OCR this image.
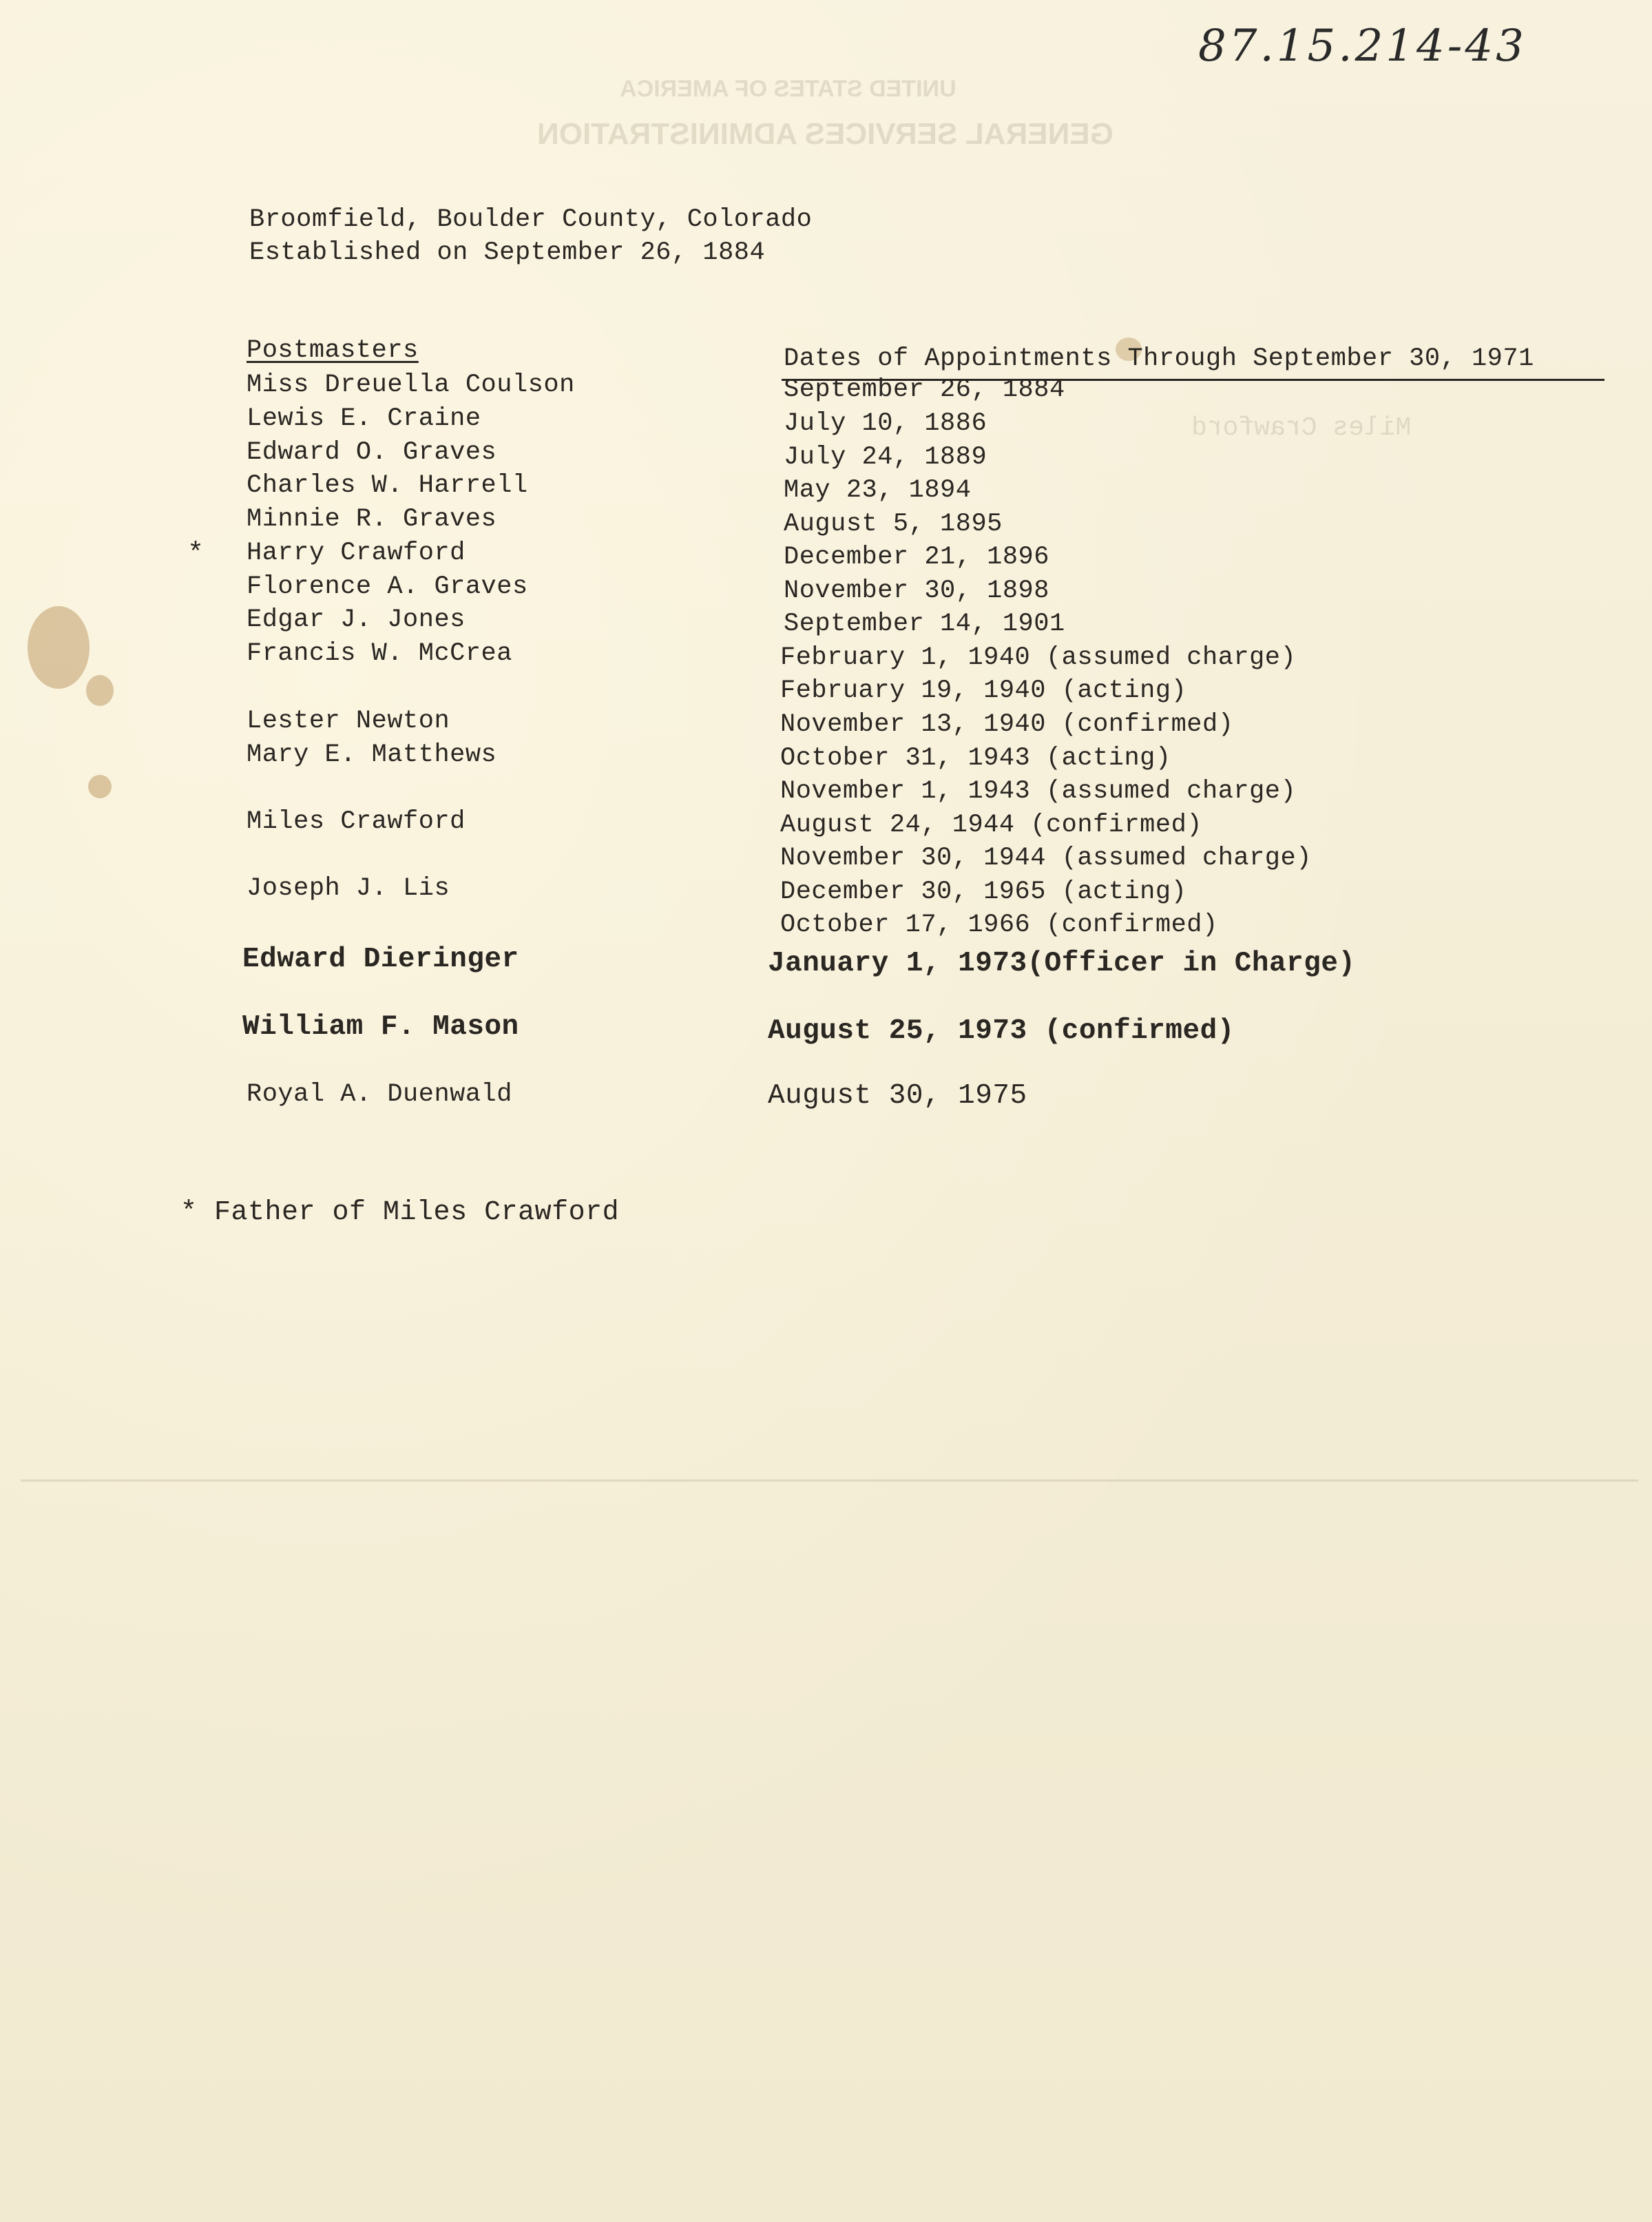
UNITED STATES OF AMERICA
GENERAL SERVICES ADMINISTRATION
Miles Crawford
87.15.214-43
Broomfield, Boulder County, Colorado
Established on September 26, 1884
Postmasters	Dates of Appointments Through September 30, 1971
*
Miss Dreuella Coulson
Lewis E. Craine
Edward O. Graves
Charles W. Harrell
Minnie R. Graves
Harry Crawford
Florence A. Graves
Edgar J. Jones
Francis W. McCrea
Lester Newton
Mary E. Matthews
Miles Crawford
Joseph J. Lis
Edward Dieringer
William F. Mason
Royal A. Duenwald
September 26, 1884
July 10, 1886
July 24, 1889
May 23, 1894
August 5, 1895
December 21, 1896
November 30, 1898
September 14, 1901
February 1, 1940 (assumed charge)
February 19, 1940 (acting)
November 13, 1940 (confirmed)
October 31, 1943 (acting)
November 1, 1943 (assumed charge)
August 24, 1944 (confirmed)
November 30, 1944 (assumed charge)
December 30, 1965 (acting)
October 17, 1966 (confirmed)
January 1, 1973(Officer in Charge)
August 25, 1973 (confirmed)
August 30, 1975
* Father of Miles Crawford
